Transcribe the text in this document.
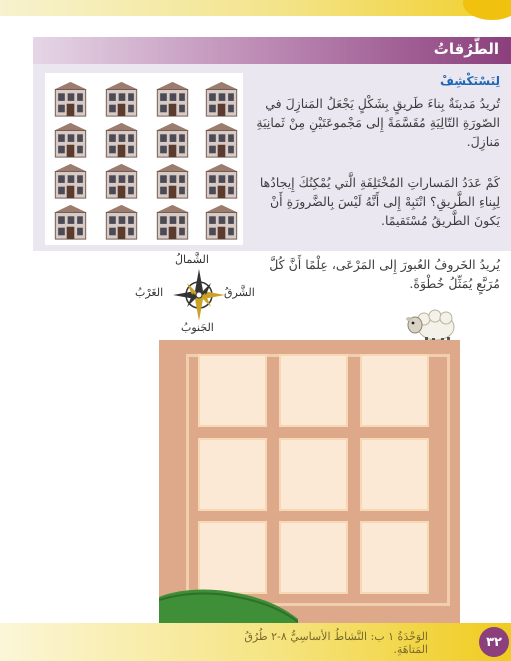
الطُّرُقاتُ
لِنَسْتَكْشِفْ
تُريدُ مَدينَةٌ بِناءَ طَريقٍ بِشَكْلٍ يَجْعَلُ المَنازِلَ في الصّورَةِ التّالِيَةِ مُقَسَّمَةً إِلى مَجْموعَتَيْنِ مِنْ ثَمانِيَةِ مَنازِلَ.
كَمْ عَدَدُ المَساراتِ المُخْتَلِفَةِ الَّتي يُمْكِنُكَ إِيجادُها لِبِناءِ الطَّريقِ؟ انْتَبِهْ إِلى أَنَّهُ لَيْسَ بِالضَّرورَةِ أَنْ يَكونَ الطَّريقُ مُسْتَقيمًا.
يُريدُ الخَروفُ العُبورَ إِلى المَرْعَى، عِلْمًا أَنَّ كُلَّ مُرَبَّعٍ يُمَثِّلُ خُطْوَةً.
الشَّمالُ
الجَنوبُ
الغَرْبُ	الشَّرقُ
الوَحْدَةُ ١ ب: النَّشاطُ الأساسِيُّ ٨-٢ طُرُقُ المَتاهَةِ.	٣٢
